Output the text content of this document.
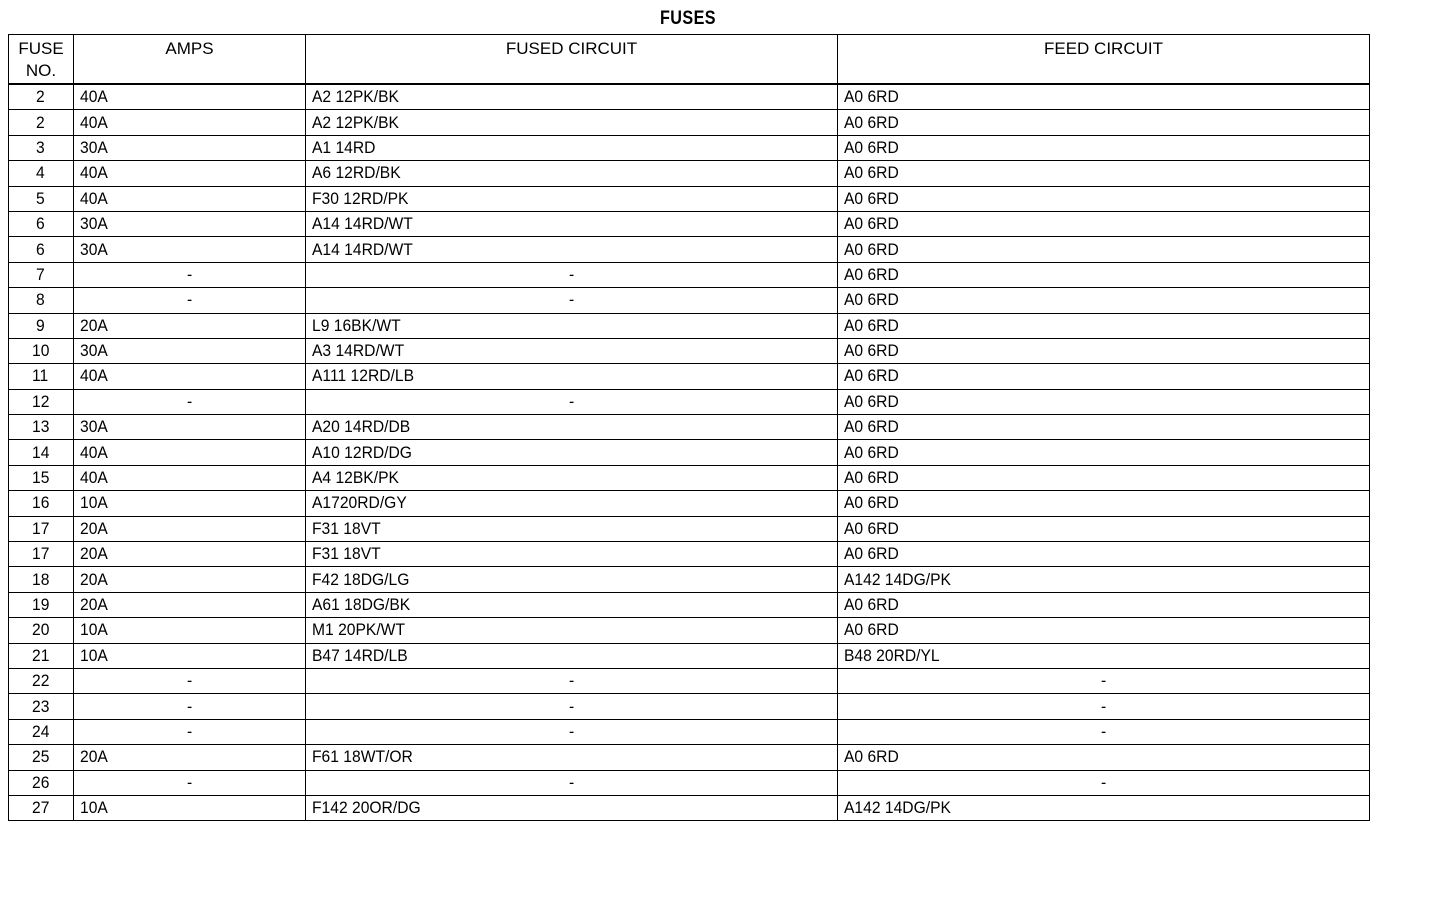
FUSES
FUSE
NO.	AMPS	FUSED CIRCUIT	FEED CIRCUIT
2	40A	A2 12PK/BK	A0 6RD
2	40A	A2 12PK/BK	A0 6RD
3	30A	A1 14RD	A0 6RD
4	40A	A6 12RD/BK	A0 6RD
5	40A	F30 12RD/PK	A0 6RD
6	30A	A14 14RD/WT	A0 6RD
6	30A	A14 14RD/WT	A0 6RD
7	-	-	A0 6RD
8	-	-	A0 6RD
9	20A	L9 16BK/WT	A0 6RD
10	30A	A3 14RD/WT	A0 6RD
11	40A	A111 12RD/LB	A0 6RD
12	-	-	A0 6RD
13	30A	A20 14RD/DB	A0 6RD
14	40A	A10 12RD/DG	A0 6RD
15	40A	A4 12BK/PK	A0 6RD
16	10A	A1720RD/GY	A0 6RD
17	20A	F31 18VT	A0 6RD
17	20A	F31 18VT	A0 6RD
18	20A	F42 18DG/LG	A142 14DG/PK
19	20A	A61 18DG/BK	A0 6RD
20	10A	M1 20PK/WT	A0 6RD
21	10A	B47 14RD/LB	B48 20RD/YL
22	-	-	-
23	-	-	-
24	-	-	-
25	20A	F61 18WT/OR	A0 6RD
26	-	-	-
27	10A	F142 20OR/DG	A142 14DG/PK
